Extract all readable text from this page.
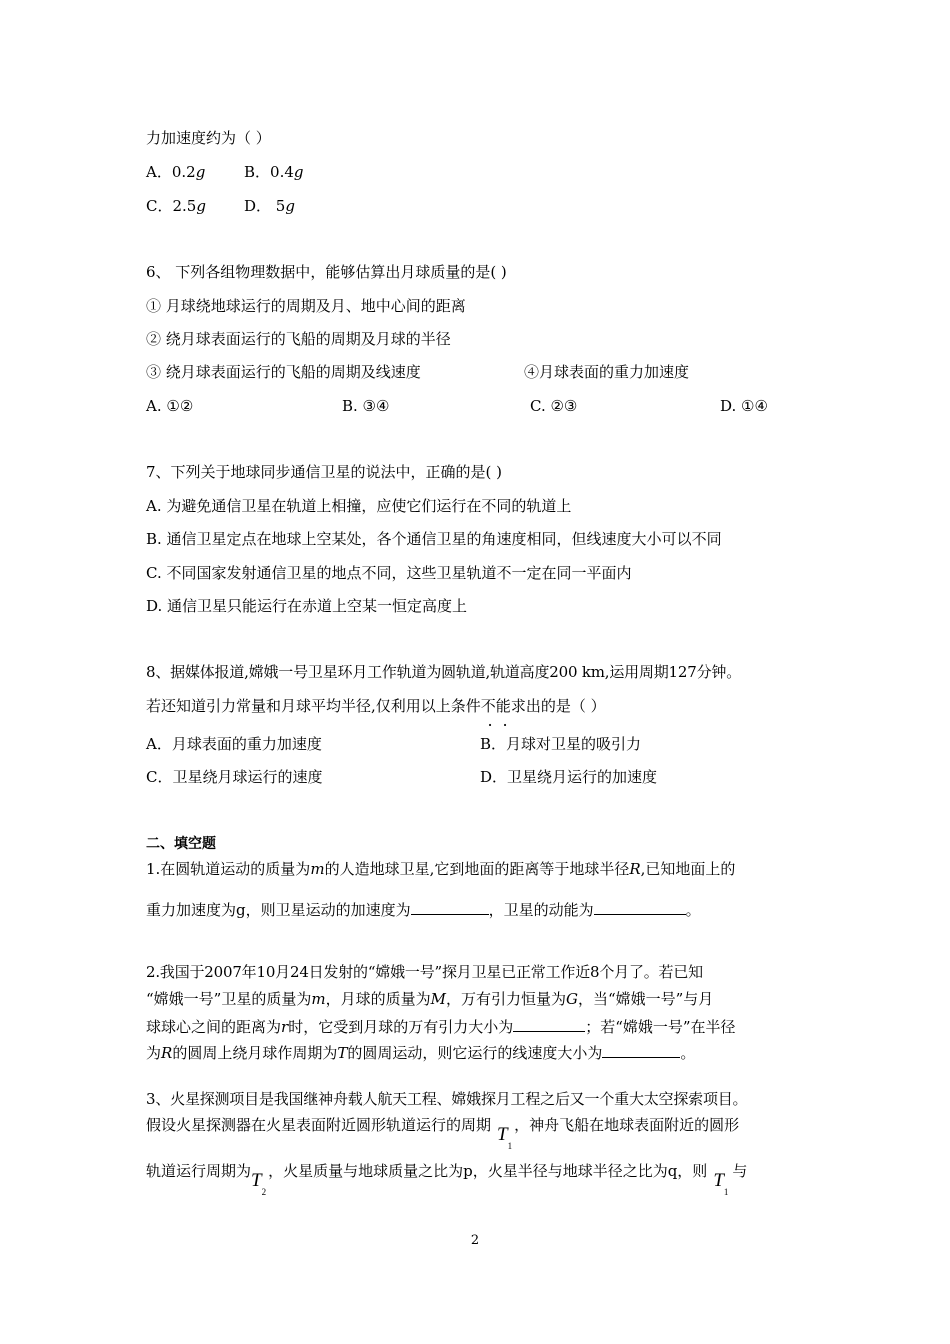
力加速度约为（ ）
A．0.2g	B．0.4g
C．2.5g	D． 5g
6、 下列各组物理数据中，能够估算出月球质量的是( )
① 月球绕地球运行的周期及月、地中心间的距离
② 绕月球表面运行的飞船的周期及月球的半径
③ 绕月球表面运行的飞船的周期及线速度	④月球表面的重力加速度
A. ①②	B. ③④	C. ②③	D. ①④
7、下列关于地球同步通信卫星的说法中，正确的是( )
A. 为避免通信卫星在轨道上相撞，应使它们运行在不同的轨道上
B. 通信卫星定点在地球上空某处，各个通信卫星的角速度相同，但线速度大小可以不同
C. 不同国家发射通信卫星的地点不同，这些卫星轨道不一定在同一平面内
D. 通信卫星只能运行在赤道上空某一恒定高度上
8、据媒体报道,嫦娥一号卫星环月工作轨道为圆轨道,轨道高度200 km,运用周期127分钟。
若还知道引力常量和月球平均半径,仅利用以上条件不能求出的是（ ）
A．月球表面的重力加速度	B．月球对卫星的吸引力
C．卫星绕月球运行的速度	D．卫星绕月运行的加速度
二、填空题
1.在圆轨道运动的质量为m的人造地球卫星,它到地面的距离等于地球半径R,已知地面上的
重力加速度为g，则卫星运动的加速度为	，卫星的动能为	。
2.我国于2007年10月24日发射的“嫦娥一号”探月卫星已正常工作近8个月了。若已知
“嫦娥一号”卫星的质量为m，月球的质量为M，万有引力恒量为G，当“嫦娥一号”与月
球球心之间的距离为r时，它受到月球的万有引力大小为	；若“嫦娥一号”在半径
为R的圆周上绕月球作周期为T的圆周运动，则它运行的线速度大小为	。
3、火星探测项目是我国继神舟载人航天工程、嫦娥探月工程之后又一个重大太空探索项目。
假设火星探测器在火星表面附近圆形轨道运行的周期 $T_1$，神舟飞船在地球表面附近的圆形
轨道运行周期为$T_2$，火星质量与地球质量之比为p，火星半径与地球半径之比为q，则 $T_1$与
2
